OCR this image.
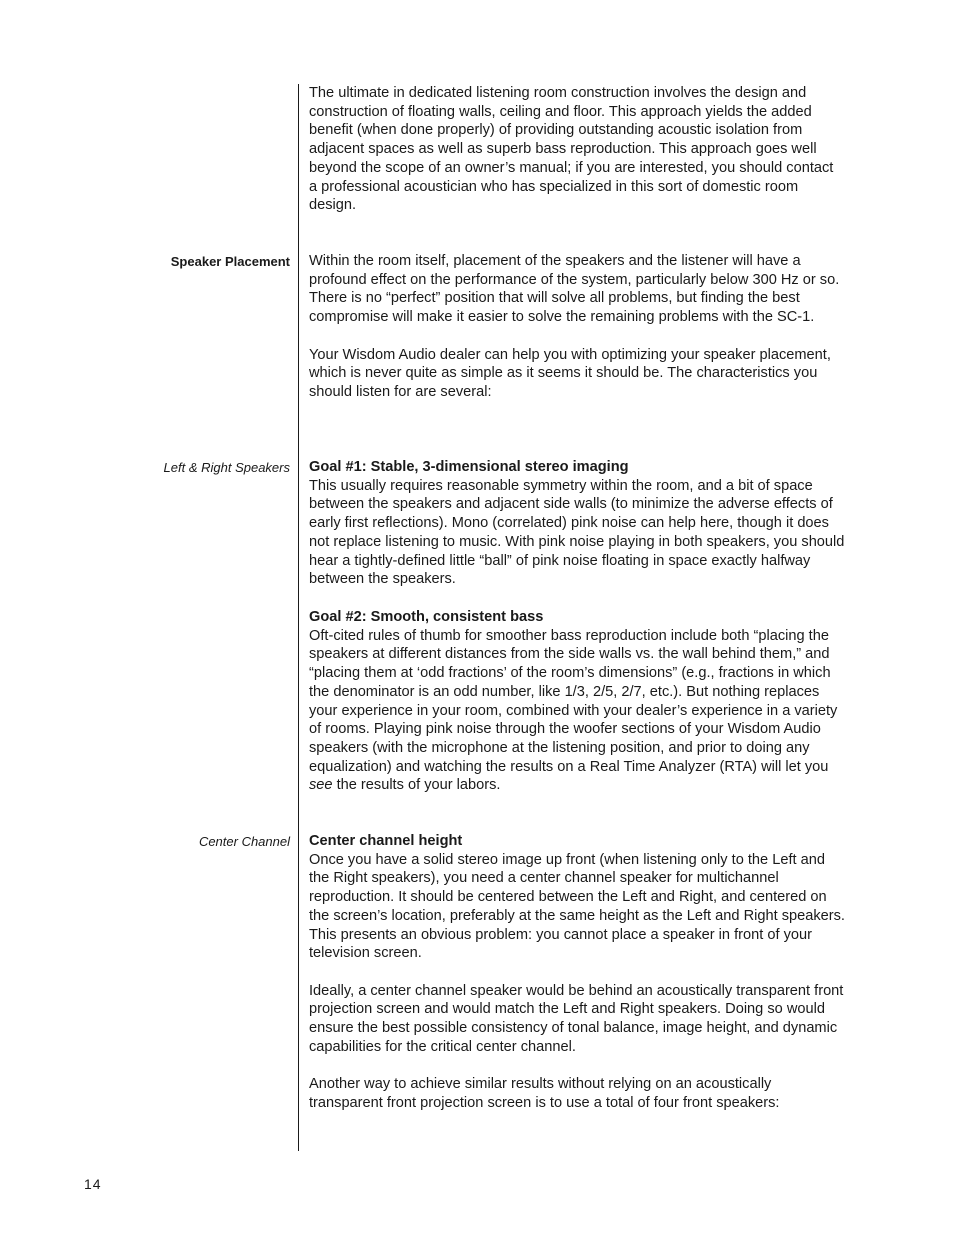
Speaker Placement
Left & Right Speakers
Center Channel

The ultimate in dedicated listening room construction involves the design and construction of floating walls, ceiling and floor. This approach yields the added benefit (when done properly) of providing outstanding acoustic isolation from adjacent spaces as well as superb bass reproduction. This approach goes well beyond the scope of an owner’s manual; if you are interested, you should contact a professional acoustician who has specialized in this sort of domestic room design.

Within the room itself, placement of the speakers and the listener will have a profound effect on the performance of the system, particularly below 300 Hz or so. There is no “perfect” position that will solve all problems, but finding the best compromise will make it easier to solve the remaining problems with the SC-1.

Your Wisdom Audio dealer can help you with optimizing your speaker placement, which is never quite as simple as it seems it should be. The characteristics you should listen for are several:

Goal #1: Stable, 3-dimensional stereo imaging

This usually requires reasonable symmetry within the room, and a bit of space between the speakers and adjacent side walls (to minimize the adverse effects of early first reflections). Mono (correlated) pink noise can help here, though it does not replace listening to music. With pink noise playing in both speakers, you should hear a tightly-defined little “ball” of pink noise floating in space exactly halfway between the speakers.

Goal #2: Smooth, consistent bass

Oft-cited rules of thumb for smoother bass reproduction include both “placing the speakers at different distances from the side walls vs. the wall behind them,” and “placing them at ‘odd fractions’ of the room’s dimensions” (e.g., fractions in which the denominator is an odd number, like 1/3, 2/5, 2/7, etc.). But nothing replaces your experience in your room, combined with your dealer’s experience in a variety of rooms. Playing pink noise through the woofer sections of your Wisdom Audio speakers (with the microphone at the listening position, and prior to doing any equalization) and watching the results on a Real Time Analyzer (RTA) will let you see the results of your labors.

Center channel height

Once you have a solid stereo image up front (when listening only to the Left and the Right speakers), you need a center channel speaker for multichannel reproduction. It should be centered between the Left and Right, and centered on the screen’s location, preferably at the same height as the Left and Right speakers. This presents an obvious problem: you cannot place a speaker in front of your television screen.

Ideally, a center channel speaker would be behind an acoustically transparent front projection screen and would match the Left and Right speakers. Doing so would ensure the best possible consistency of tonal balance, image height, and dynamic capabilities for the critical center channel.

Another way to achieve similar results without relying on an acoustically transparent front projection screen is to use a total of four front speakers:

14
